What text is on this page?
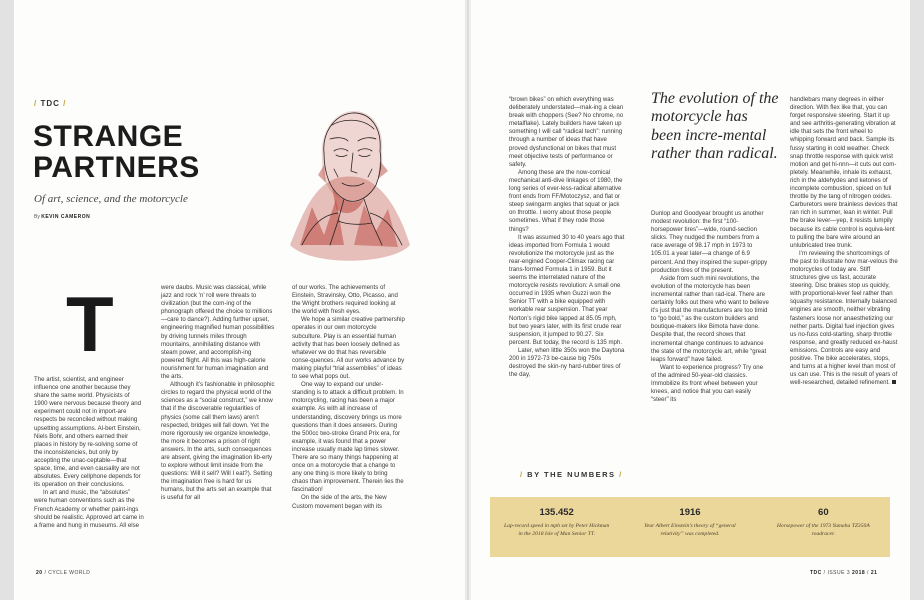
/ TDC /
STRANGE
PARTNERS
Of art, science, and the motorcycle
By KEVIN CAMERON
T

The artist, scientist, and engineer influence one another because they share the same world. Physicists of 1900 were nervous because theory and experiment could not in import-are respects be reconciled without making upsetting assumptions. Al-bert Einstein, Niels Bohr, and others earned their places in history by re-solving some of the inconsistencies, but only by accepting the unac-ceptable—that space, time, and even causality are not absolutes. Every cellphone depends for its operation on their conclusions.

In art and music, the “absolutes” were human conventions such as the French Academy or whether paint-ings should be realistic. Approved art came in a frame and hung in museums. All else

were daubs. Music was classical, while jazz and rock ’n’ roll were threats to civilization (but the com-ing of the phonograph offered the choice to millions—care to dance?). Adding further upset, engineering magnified human possibilities by driving tunnels miles through mountains, annihilating distance with steam power, and accomplish-ing powered flight. All this was high-calorie nourishment for human imagination and the arts.

Although it’s fashionable in philosophic circles to regard the physical world of the sciences as a “social construct,” we know that if the discoverable regularities of physics (some call them laws) aren’t respected, bridges will fall down. Yet the more rigorously we organize knowledge, the more it becomes a prison of right answers. In the arts, such consequences are absent, giving the imagination lib-erty to explore without limit inside from the questions: Will it sell? Will I eat?). Setting the imagination free is hard for us humans, but the arts set an example that is useful for all

of our works. The achievements of Einstein, Stravinsky, Otto, Picasso, and the Wright brothers required looking at the world with fresh eyes.

We hope a similar creative partnership operates in our own motorcycle subculture. Play is an essential human activity that has been loosely defined as whatever we do that has reversible conse-quences. All our works advance by making playful “trial assemblies” of ideas to see what pops out.

One way to expand our under-standing is to attack a difficult problem. In motorcycling, racing has been a major example. As with all increase of understanding, discovery brings us more questions than it does answers. During the 500cc two-stroke Grand Prix era, for example, it was found that a power increase usually made lap times slower. There are so many things happening at once on a motorcycle that a change to any one thing is more likely to bring chaos than improvement. Therein lies the fascination!

On the side of the arts, the New Custom movement began with its

“brown bikes” on which everything was deliberately understated—mak-ing a clean break with choppers (See? No chrome, no metalflake). Lately builders have taken up something I will call “radical tech”: running through a number of ideas that have proved dysfunctional on bikes that must meet objective tests of performance or safety.

Among these are the now-comical mechanical anti-dive linkages of 1980, the long series of ever-less-radical alternative front ends from FF/Motoczysz, and flat or steep swingarm angles that squat or jack on throttle. I worry about those people sometimes. What if they rode those things?

It was assumed 30 to 40 years ago that ideas imported from Formula 1 would revolutionize the motorcycle just as the rear-engined Cooper-Climax racing car trans-formed Formula 1 in 1959. But it seems the interrelated nature of the motorcycle resists revolution: A small one occurred in 1935 when Guzzi won the Senior TT with a bike equipped with workable rear suspension. That year Norton’s rigid bike lapped at 85.05 mph, but two years later, with its first crude rear suspension, it jumped to 90.27. Six percent. But today, the record is 135 mph.

Later, when little 350s won the Daytona 200 in 1972-73 be-cause big 750s destroyed the skin-ny hard-rubber tires of the day,

The evolution of the motorcycle has been incre-mental rather than radical.

Dunlop and Goodyear brought us another modest revolution: the first “100-horsepower tires”—wide, round-section slicks. They nudged the numbers from a race average of 98.17 mph in 1973 to 105.01 a year later—a change of 6.9 percent. And they inspired the super-grippy production tires of the present.

Aside from such mini revolutions, the evolution of the motorcycle has been incremental rather than rad-ical. There are certainly folks out there who want to believe it’s just that the manufacturers are too timid to “go bold,” as the custom builders and boutique-makers like Bimota have done. Despite that, the record shows that incremental change continues to advance the state of the motorcycle art, while “great leaps forward” have failed.

Want to experience progress? Try one of the admired 50-year-old classics. Immobilize its front wheel between your knees, and notice that you can easily “steer” its

handlebars many degrees in either direction. With flex like that, you can forget responsive steering. Start it up and see arthritis-generating vibration at idle that sets the front wheel to whipping forward and back. Sample its fussy starting in cold weather. Check snap throttle response with quick wrist motion and get hi-nnn—it cuts out com-pletely. Meanwhile, inhale its exhaust, rich in the aldehydes and ketones of incomplete combustion, spiced on full throttle by the tang of nitrogen oxides. Carburetors were brainless devices that ran rich in summer, lean in winter. Pull the brake lever—yep, it resists lumpily because its cable control is equiva-lent to pulling the bare wire around an unlubricated tree trunk.

I’m reviewing the shortcomings of the past to illustrate how mar-velous the motorcycles of today are. Stiff structures give us fast, accurate steering. Disc brakes stop us quickly, with proportional-lever feel rather than squashy resistance. Internally balanced engines are smooth, neither vibrating fasteners loose nor anaesthetizing our nether parts. Digital fuel injection gives us no-fuss cold-starting, sharp throttle response, and greatly reduced ex-haust emissions. Controls are easy and positive. The bike accelerates, stops, and turns at a higher level than most of us can use. This is the result of years of well-researched, detailed refinement.

/ BY THE NUMBERS /
135.452
Lap-record speed in mph set by Peter Hickman in the 2018 Isle of Man Senior TT.
1916
Year Albert Einstein’s theory of “general relativity” was completed.
60
Horsepower of the 1973 Yamaha TZ350A roadracer.
20 / CYCLE WORLD	TDC / ISSUE 3 2018 / 21
